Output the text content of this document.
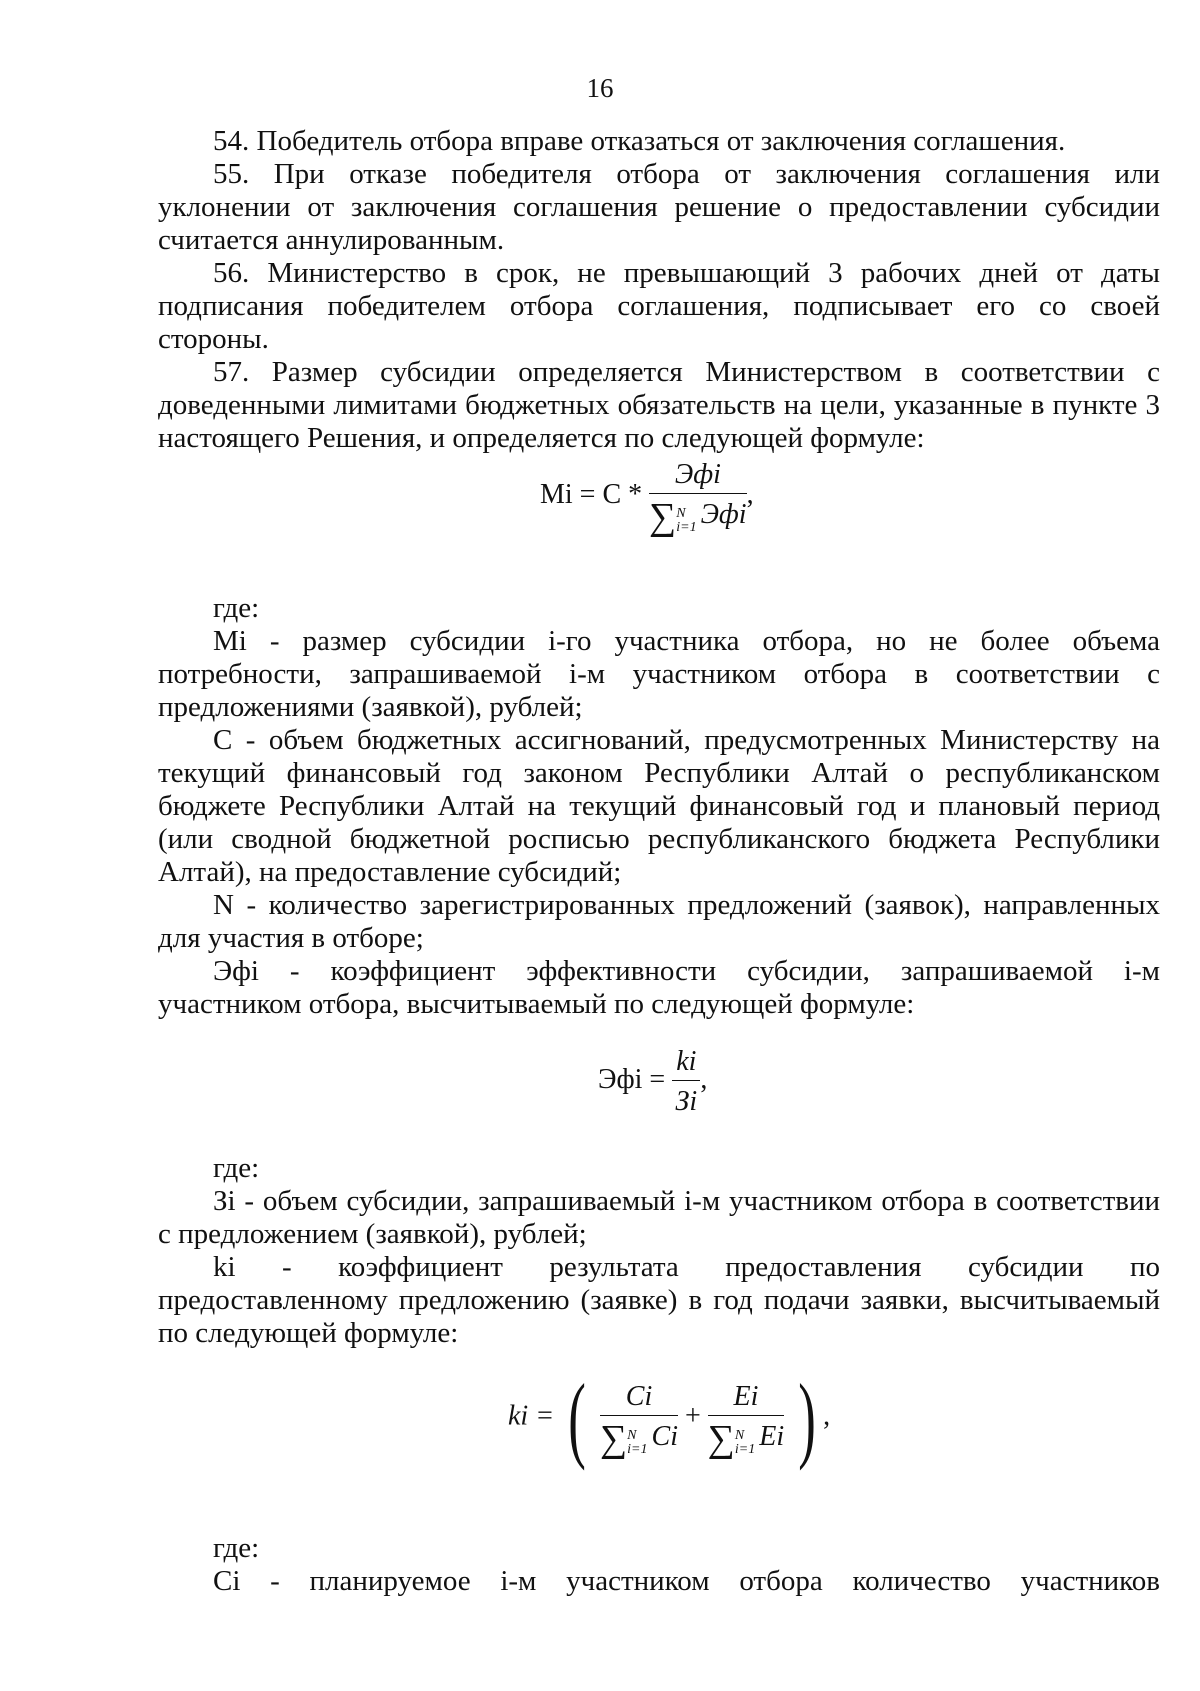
16

54. Победитель отбора вправе отказаться от заключения соглашения.

55. При отказе победителя отбора от заключения соглашения или уклонении от заключения соглашения решение о предоставлении субсидии считается аннулированным.

56. Министерство в срок, не превышающий 3 рабочих дней от даты подписания победителем отбора соглашения, подписывает его со своей стороны.

57. Размер субсидии определяется Министерством в соответствии с доведенными лимитами бюджетных обязательств на цели, указанные в пункте 3 настоящего Решения, и определяется по следующей формуле:

Mi = C * Эфi
∑ N
i=1 Эфi ,

где:

Mi - размер субсидии i-го участника отбора, но не более объема потребности, запрашиваемой i-м участником отбора в соответствии с предложениями (заявкой), рублей;

C - объем бюджетных ассигнований, предусмотренных Министерству на текущий финансовый год законом Республики Алтай о республиканском бюджете Республики Алтай на текущий финансовый год и плановый период (или сводной бюджетной росписью республиканского бюджета Республики Алтай), на предоставление субсидий;

N - количество зарегистрированных предложений (заявок), направленных для участия в отборе;

Эфi - коэффициент эффективности субсидии, запрашиваемой i-м участником отбора, высчитываемый по следующей формуле:

Эфi = $\frac{ki}{Зi}$ ,

где:

Зi - объем субсидии, запрашиваемый i-м участником отбора в соответствии с предложением (заявкой), рублей;

ki - коэффициент результата предоставления субсидии по предоставленному предложению (заявке) в год подачи заявки, высчитываемый по следующей формуле:

ki = ( Ci
∑ N
i=1 Ci + Ei
∑ N
i=1 Ei ) ,

где:

Ci - планируемое i-м участником отбора количество участников
